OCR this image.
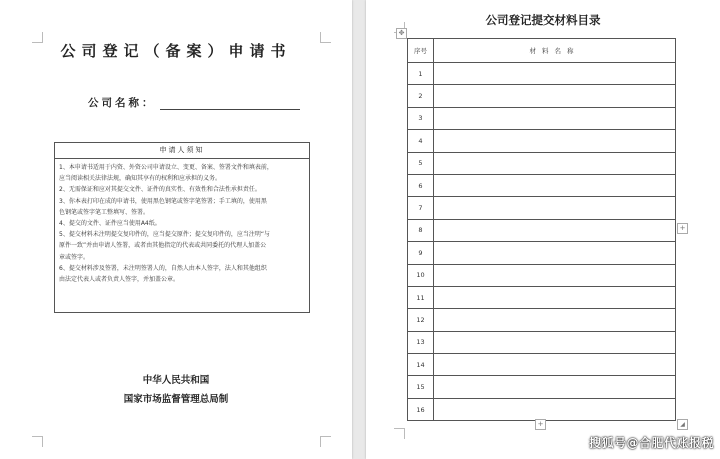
公司登记（备案）申请书
公司名称：
申请人须知

1、本申请书适用于内资、外资公司申请设立、变更、备案、签署文件和填表前，

应当阅读相关法律法规，确知其享有的权利和应承担的义务。

2、无需保证和应对其提交文件、证件的真实性、有效性和合法性承担责任。

3、你本表打印在成的申请书，使用黑色钢笔或签字笔签署；手工填的，使用黑

色钢笔或签字笔工整填写、签署。

4、提交的文件、证件应当使用A4纸。

5、提交材料未注明提交复印件的，应当提交原件；提交复印件的，应当注明“与

原件一致”并由申请人签署，或者由其他指定的代表或共同委托的代理人加盖公

章或签字。

6、提交材料涉及签署，未注明签署人的，自然人由本人签字，法人和其他组织

由法定代表人或者负责人签字，并加盖公章。

中华人民共和国
国家市场监督管理总局制
✥
公司登记提交材料目录
序号	材料名称
1	
2	
3	
4	
5	
6	
7	
8	
9	
10	
11	
12	
13	
14	
15	
16	
+
+	◢
搜狐号@合肥代账报税
